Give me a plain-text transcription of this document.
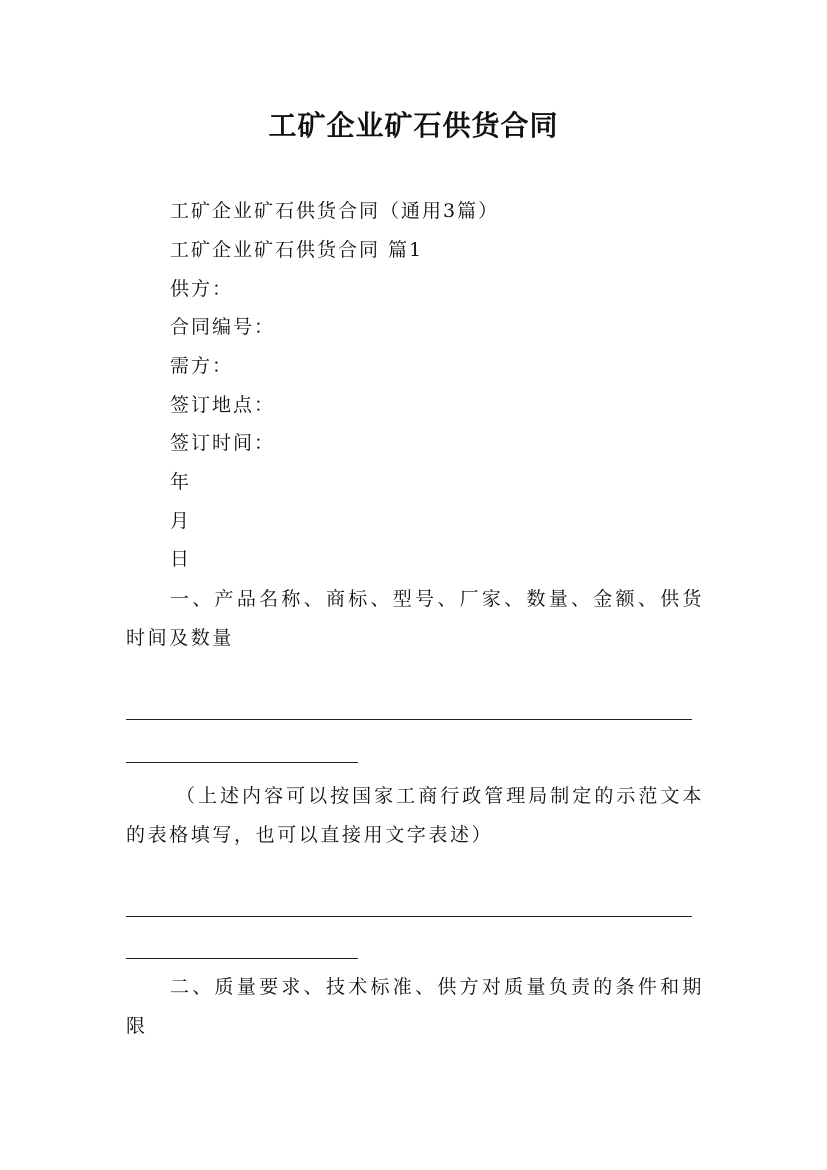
工矿企业矿石供货合同
工矿企业矿石供货合同（通用3篇）
工矿企业矿石供货合同 篇1
供方：
合同编号：
需方：
签订地点：
签订时间：
年
月
日
一、产品名称、商标、型号、厂家、数量、金额、供货时间及数量
（上述内容可以按国家工商行政管理局制定的示范文本的表格填写，也可以直接用文字表述）
二、质量要求、技术标准、供方对质量负责的条件和期限
